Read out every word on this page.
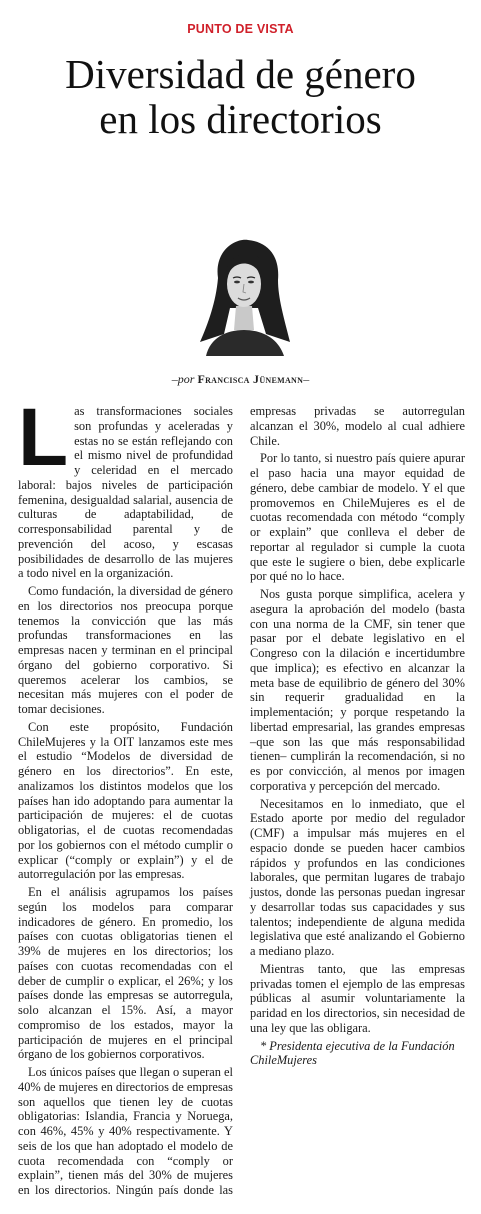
PUNTO DE VISTA
Diversidad de género
en los directorios
–por Francisca Jünemann–

Las transformaciones sociales son profundas y aceleradas y estas no se están reflejando con el mismo nivel de profundidad y celeridad en el mercado laboral: bajos niveles de participación femenina, desigualdad salarial, ausencia de culturas de adaptabilidad, de corresponsabilidad parental y de prevención del acoso, y escasas posibilidades de desarrollo de las mujeres a todo nivel en la organización.

Como fundación, la diversidad de género en los directorios nos preocupa porque tenemos la convicción que las más profundas transformaciones en las empresas nacen y terminan en el principal órgano del gobierno corporativo. Si queremos acelerar los cambios, se necesitan más mujeres con el poder de tomar decisiones.

Con este propósito, Fundación ChileMujeres y la OIT lanzamos este mes el estudio “Modelos de diversidad de género en los directorios”. En este, analizamos los distintos modelos que los países han ido adoptando para aumentar la participación de mujeres: el de cuotas obligatorias, el de cuotas recomendadas por los gobiernos con el método cumplir o explicar (“comply or explain”) y el de autorregulación por las empresas.

En el análisis agrupamos los países según los modelos para comparar indicadores de género. En promedio, los países con cuotas obligatorias tienen el 39% de mujeres en los directorios; los países con cuotas recomendadas con el deber de cumplir o explicar, el 26%; y los países donde las empresas se autorregula, solo alcanzan el 15%. Así, a mayor compromiso de los estados, mayor la participación de mujeres en el principal órgano de los gobiernos corporativos.

Los únicos países que llegan o superan el 40% de mujeres en directorios de empresas son aquellos que tienen ley de cuotas obligatorias: Islandia, Francia y Noruega, con 46%, 45% y 40% respectivamente. Y seis de los que han adoptado el modelo de cuota recomendada con “comply or explain”, tienen más del 30% de mujeres en los directorios. Ningún país donde las empresas privadas se autorregulan alcanzan el 30%, modelo al cual adhiere Chile.

Por lo tanto, si nuestro país quiere apurar el paso hacia una mayor equidad de género, debe cambiar de modelo. Y el que promovemos en ChileMujeres es el de cuotas recomendada con método “comply or explain” que conlleva el deber de reportar al regulador si cumple la cuota que este le sugiere o bien, debe explicarle por qué no lo hace.

Nos gusta porque simplifica, acelera y asegura la aprobación del modelo (basta con una norma de la CMF, sin tener que pasar por el debate legislativo en el Congreso con la dilación e incertidumbre que implica); es efectivo en alcanzar la meta base de equilibrio de género del 30% sin requerir gradualidad en la implementación; y porque respetando la libertad empresarial, las grandes empresas –que son las que más responsabilidad tienen– cumplirán la recomendación, si no es por convicción, al menos por imagen corporativa y percepción del mercado.

Necesitamos en lo inmediato, que el Estado aporte por medio del regulador (CMF) a impulsar más mujeres en el espacio donde se pueden hacer cambios rápidos y profundos en las condiciones laborales, que permitan lugares de trabajo justos, donde las personas puedan ingresar y desarrollar todas sus capacidades y sus talentos; independiente de alguna medida legislativa que esté analizando el Gobierno a mediano plazo.

Mientras tanto, que las empresas privadas tomen el ejemplo de las empresas públicas al asumir voluntariamente la paridad en los directorios, sin necesidad de una ley que las obligara.

* Presidenta ejecutiva de la Fundación ChileMujeres
